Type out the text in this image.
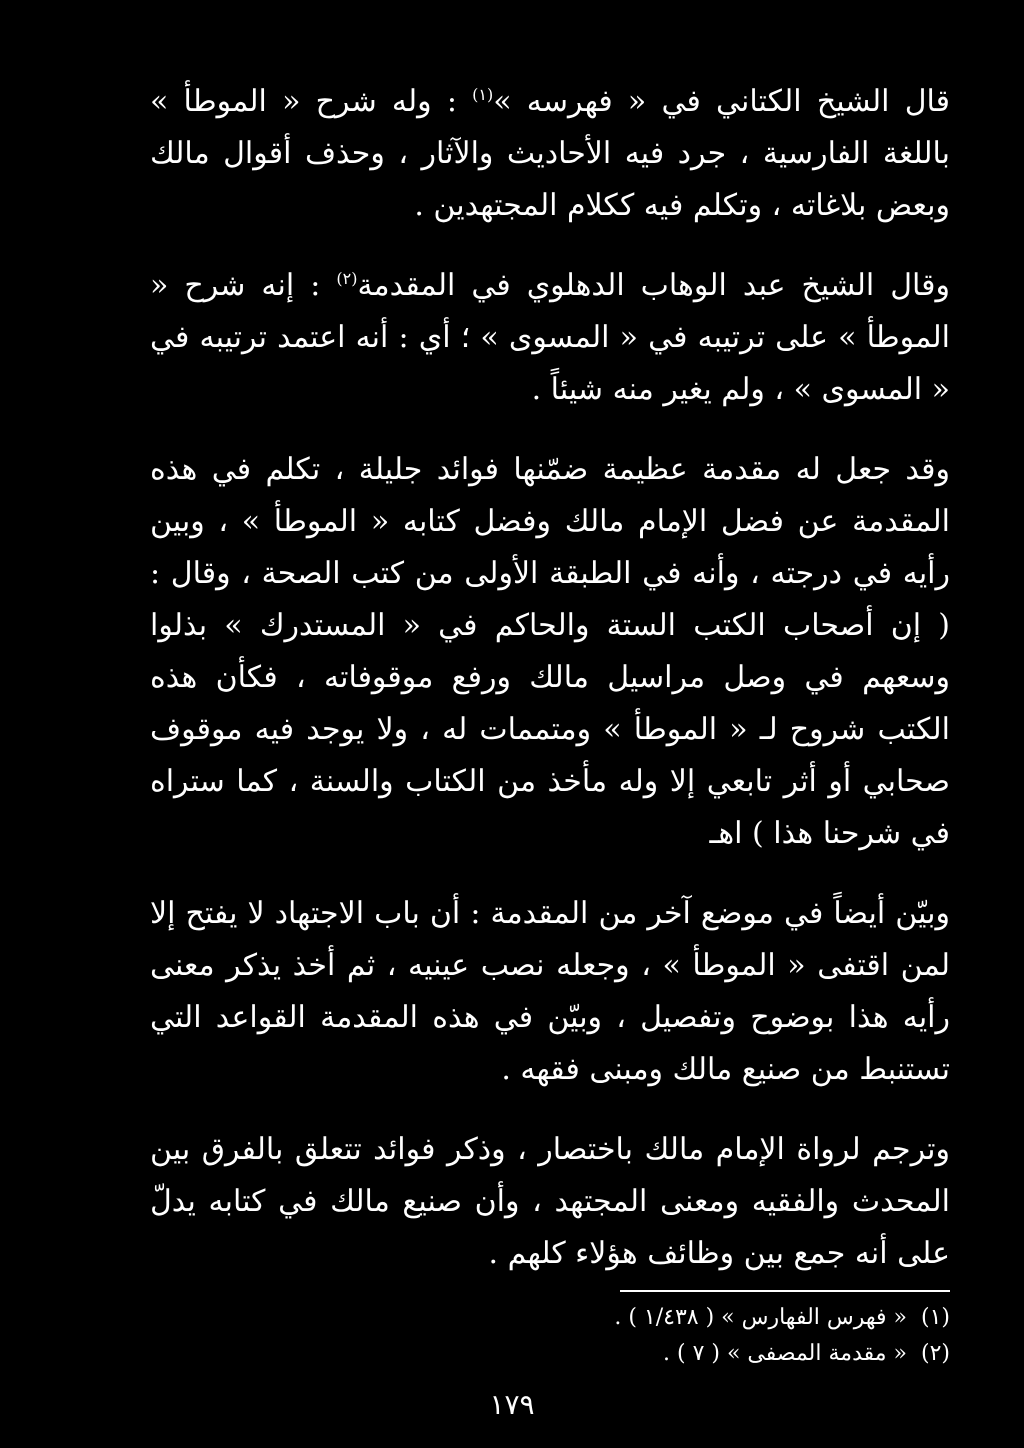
قال الشيخ الكتاني في « فهرسه »$^{(١)}$ : وله شرح « الموطأ » باللغة الفارسية ، جرد فيه الأحاديث والآثار ، وحذف أقوال مالك وبعض بلاغاته ، وتكلم فيه ككلام المجتهدين .

وقال الشيخ عبد الوهاب الدهلوي في المقدمة$^{(٢)}$ : إنه شرح « الموطأ » على ترتيبه في « المسوى » ؛ أي : أنه اعتمد ترتيبه في « المسوى » ، ولم يغير منه شيئاً .

وقد جعل له مقدمة عظيمة ضمّنها فوائد جليلة ، تكلم في هذه المقدمة عن فضل الإمام مالك وفضل كتابه « الموطأ » ، وبين رأيه في درجته ، وأنه في الطبقة الأولى من كتب الصحة ، وقال : ( إن أصحاب الكتب الستة والحاكم في « المستدرك » بذلوا وسعهم في وصل مراسيل مالك ورفع موقوفاته ، فكأن هذه الكتب شروح لـ « الموطأ » ومتممات له ، ولا يوجد فيه موقوف صحابي أو أثر تابعي إلا وله مأخذ من الكتاب والسنة ، كما ستراه في شرحنا هذا ) اهـ

وبيّن أيضاً في موضع آخر من المقدمة : أن باب الاجتهاد لا يفتح إلا لمن اقتفى « الموطأ » ، وجعله نصب عينيه ، ثم أخذ يذكر معنى رأيه هذا بوضوح وتفصيل ، وبيّن في هذه المقدمة القواعد التي تستنبط من صنيع مالك ومبنى فقهه .

وترجم لرواة الإمام مالك باختصار ، وذكر فوائد تتعلق بالفرق بين المحدث والفقيه ومعنى المجتهد ، وأن صنيع مالك في كتابه يدلّ على أنه جمع بين وظائف هؤلاء كلهم .

(١)« فهرس الفهارس » ( ١/٤٣٨ ) .

(٢)« مقدمة المصفى » ( ٧ ) .

١٧٩
